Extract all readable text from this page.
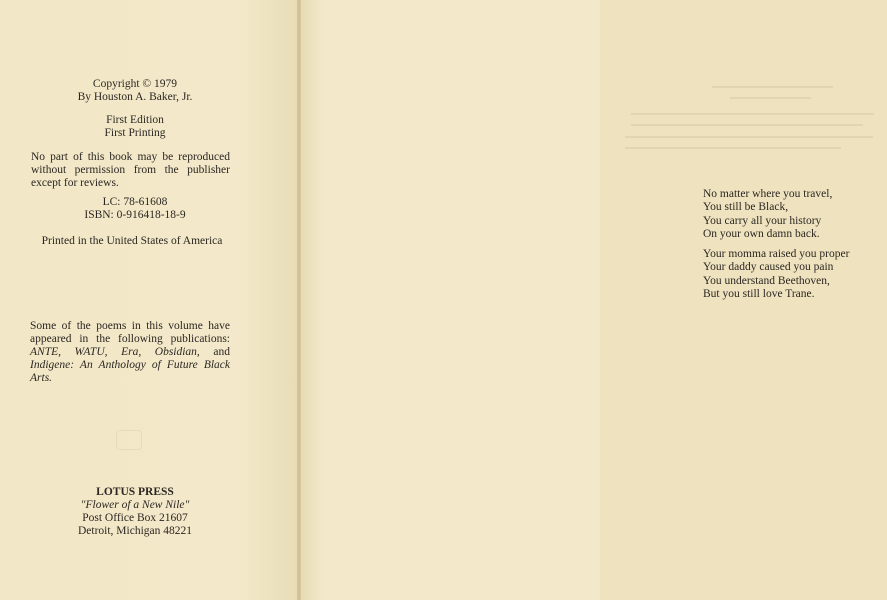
Copyright © 1979
By Houston A. Baker, Jr.
First Edition
First Printing
No part of this book may be reproduced without permission from the publisher except for reviews.
LC: 78-61608
ISBN: 0-916418-18-9
Printed in the United States of America
Some of the poems in this volume have appeared in the following publications: ANTE, WATU, Era, Obsidian, and Indigene: An Anthology of Future Black Arts.
LOTUS PRESS
"Flower of a New Nile"
Post Office Box 21607
Detroit, Michigan 48221
No matter where you travel,
You still be Black,
You carry all your history
On your own damn back.
Your momma raised you proper
Your daddy caused you pain
You understand Beethoven,
But you still love Trane.
